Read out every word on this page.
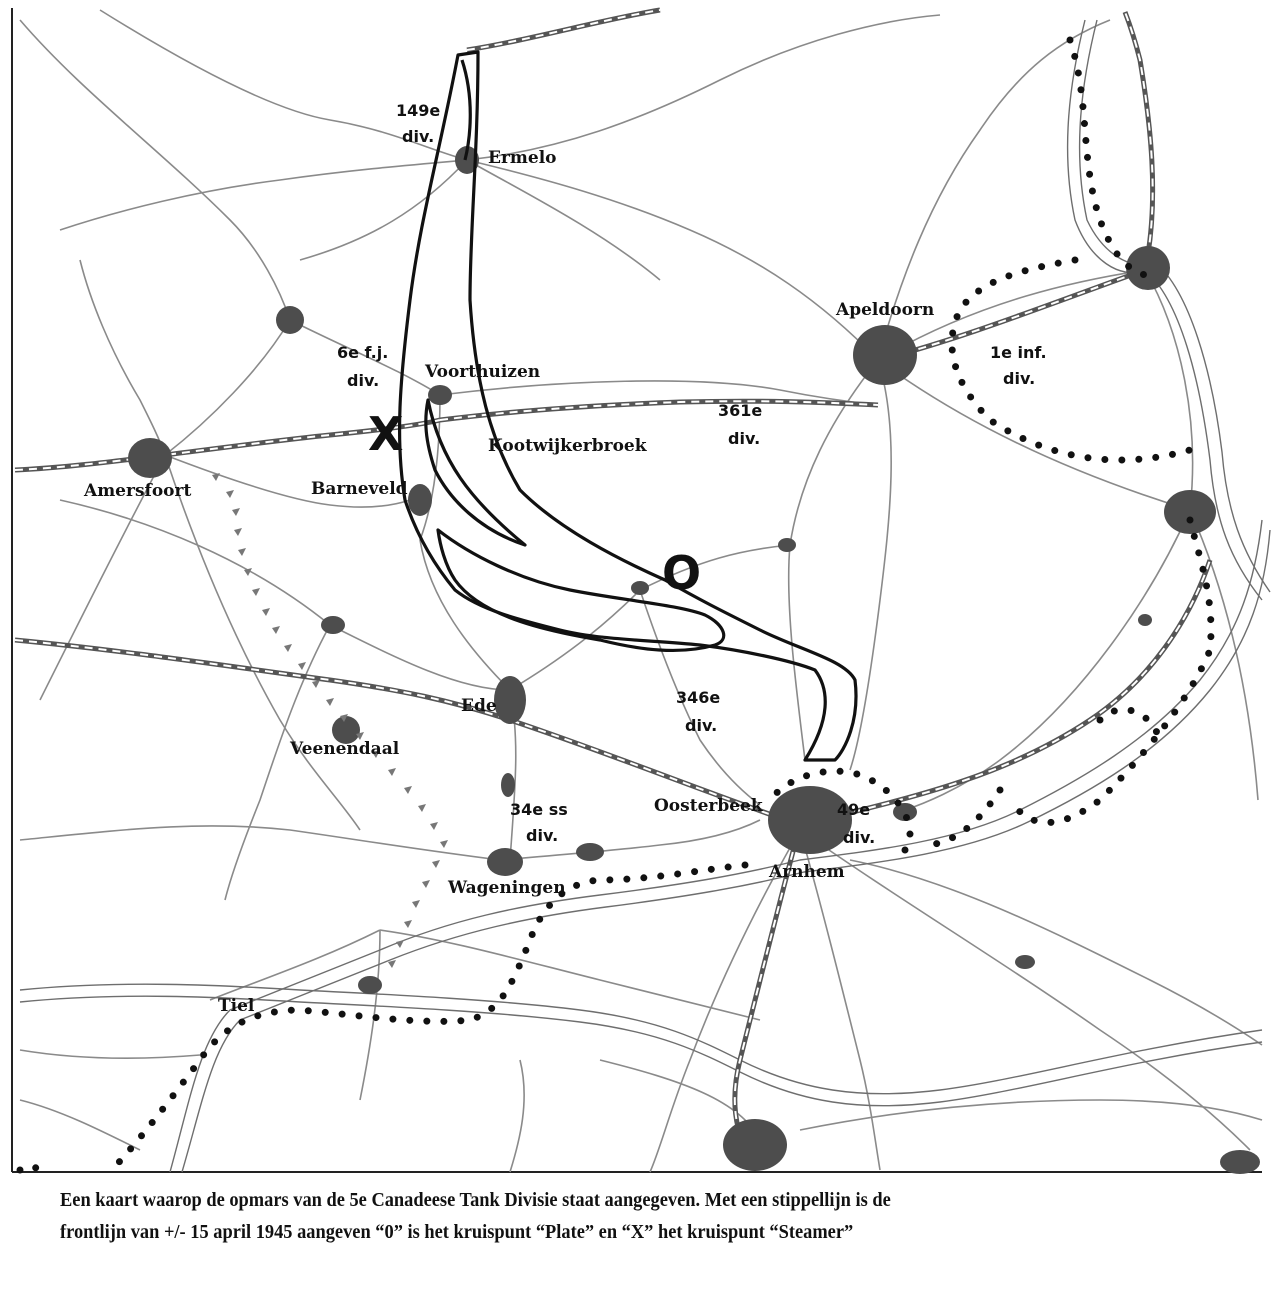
Ermelo
Apeldoorn
Voorthuizen
Kootwijkerbroek
Amersfoort	Barneveld
Ede
Veenendaal
Oosterbeek
Wageningen
Arnhem
Tiel
149e
div.
6e f.j.
div.
361e
div.
1e inf.
div.
346e
div.
34e ss
div.
49e
div.
X
O
Een kaart waarop de opmars van de 5e Canadeese Tank Divisie staat aangegeven. Met een stippellijn is de
frontlijn van +/- 15 april 1945 aangeven “0” is het kruispunt “Plate” en “X” het kruispunt “Steamer”
